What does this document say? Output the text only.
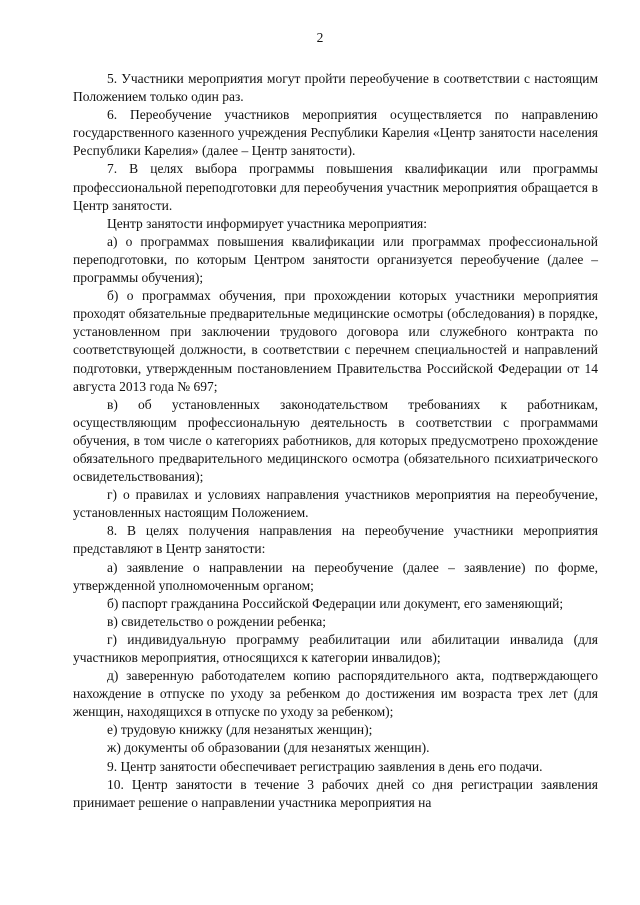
2

5. Участники мероприятия могут пройти переобучение в соответствии с настоящим Положением только один раз.

6. Переобучение участников мероприятия осуществляется по направлению государственного казенного учреждения Республики Карелия «Центр занятости населения Республики Карелия» (далее – Центр занятости).

7. В целях выбора программы повышения квалификации или программы профессиональной переподготовки для переобучения участник мероприятия обращается в Центр занятости.

Центр занятости информирует участника мероприятия:

а) о программах повышения квалификации или программах профессиональной переподготовки, по которым Центром занятости организуется переобучение (далее – программы обучения);

б) о программах обучения, при прохождении которых участники мероприятия проходят обязательные предварительные медицинские осмотры (обследования) в порядке, установленном при заключении трудового договора или служебного контракта по соответствующей должности, в соответствии с перечнем специальностей и направлений подготовки, утвержденным постановлением Правительства Российской Федерации от 14 августа 2013 года № 697;

в) об установленных законодательством требованиях к работникам, осуществляющим профессиональную деятельность в соответствии с программами обучения, в том числе о категориях работников, для которых предусмотрено прохождение обязательного предварительного медицинского осмотра (обязательного психиатрического освидетельствования);

г) о правилах и условиях направления участников мероприятия на переобучение, установленных настоящим Положением.

8. В целях получения направления на переобучение участники мероприятия представляют в Центр занятости:

а) заявление о направлении на переобучение (далее – заявление) по форме, утвержденной уполномоченным органом;

б) паспорт гражданина Российской Федерации или документ, его заменяющий;

в) свидетельство о рождении ребенка;

г) индивидуальную программу реабилитации или абилитации инвалида (для участников мероприятия, относящихся к категории инвалидов);

д) заверенную работодателем копию распорядительного акта, подтверждающего нахождение в отпуске по уходу за ребенком до достижения им возраста трех лет (для женщин, находящихся в отпуске по уходу за ребенком);

е) трудовую книжку (для незанятых женщин);

ж) документы об образовании (для незанятых женщин).

9. Центр занятости обеспечивает регистрацию заявления в день его подачи.

10. Центр занятости в течение 3 рабочих дней со дня регистрации заявления принимает решение о направлении участника мероприятия на
